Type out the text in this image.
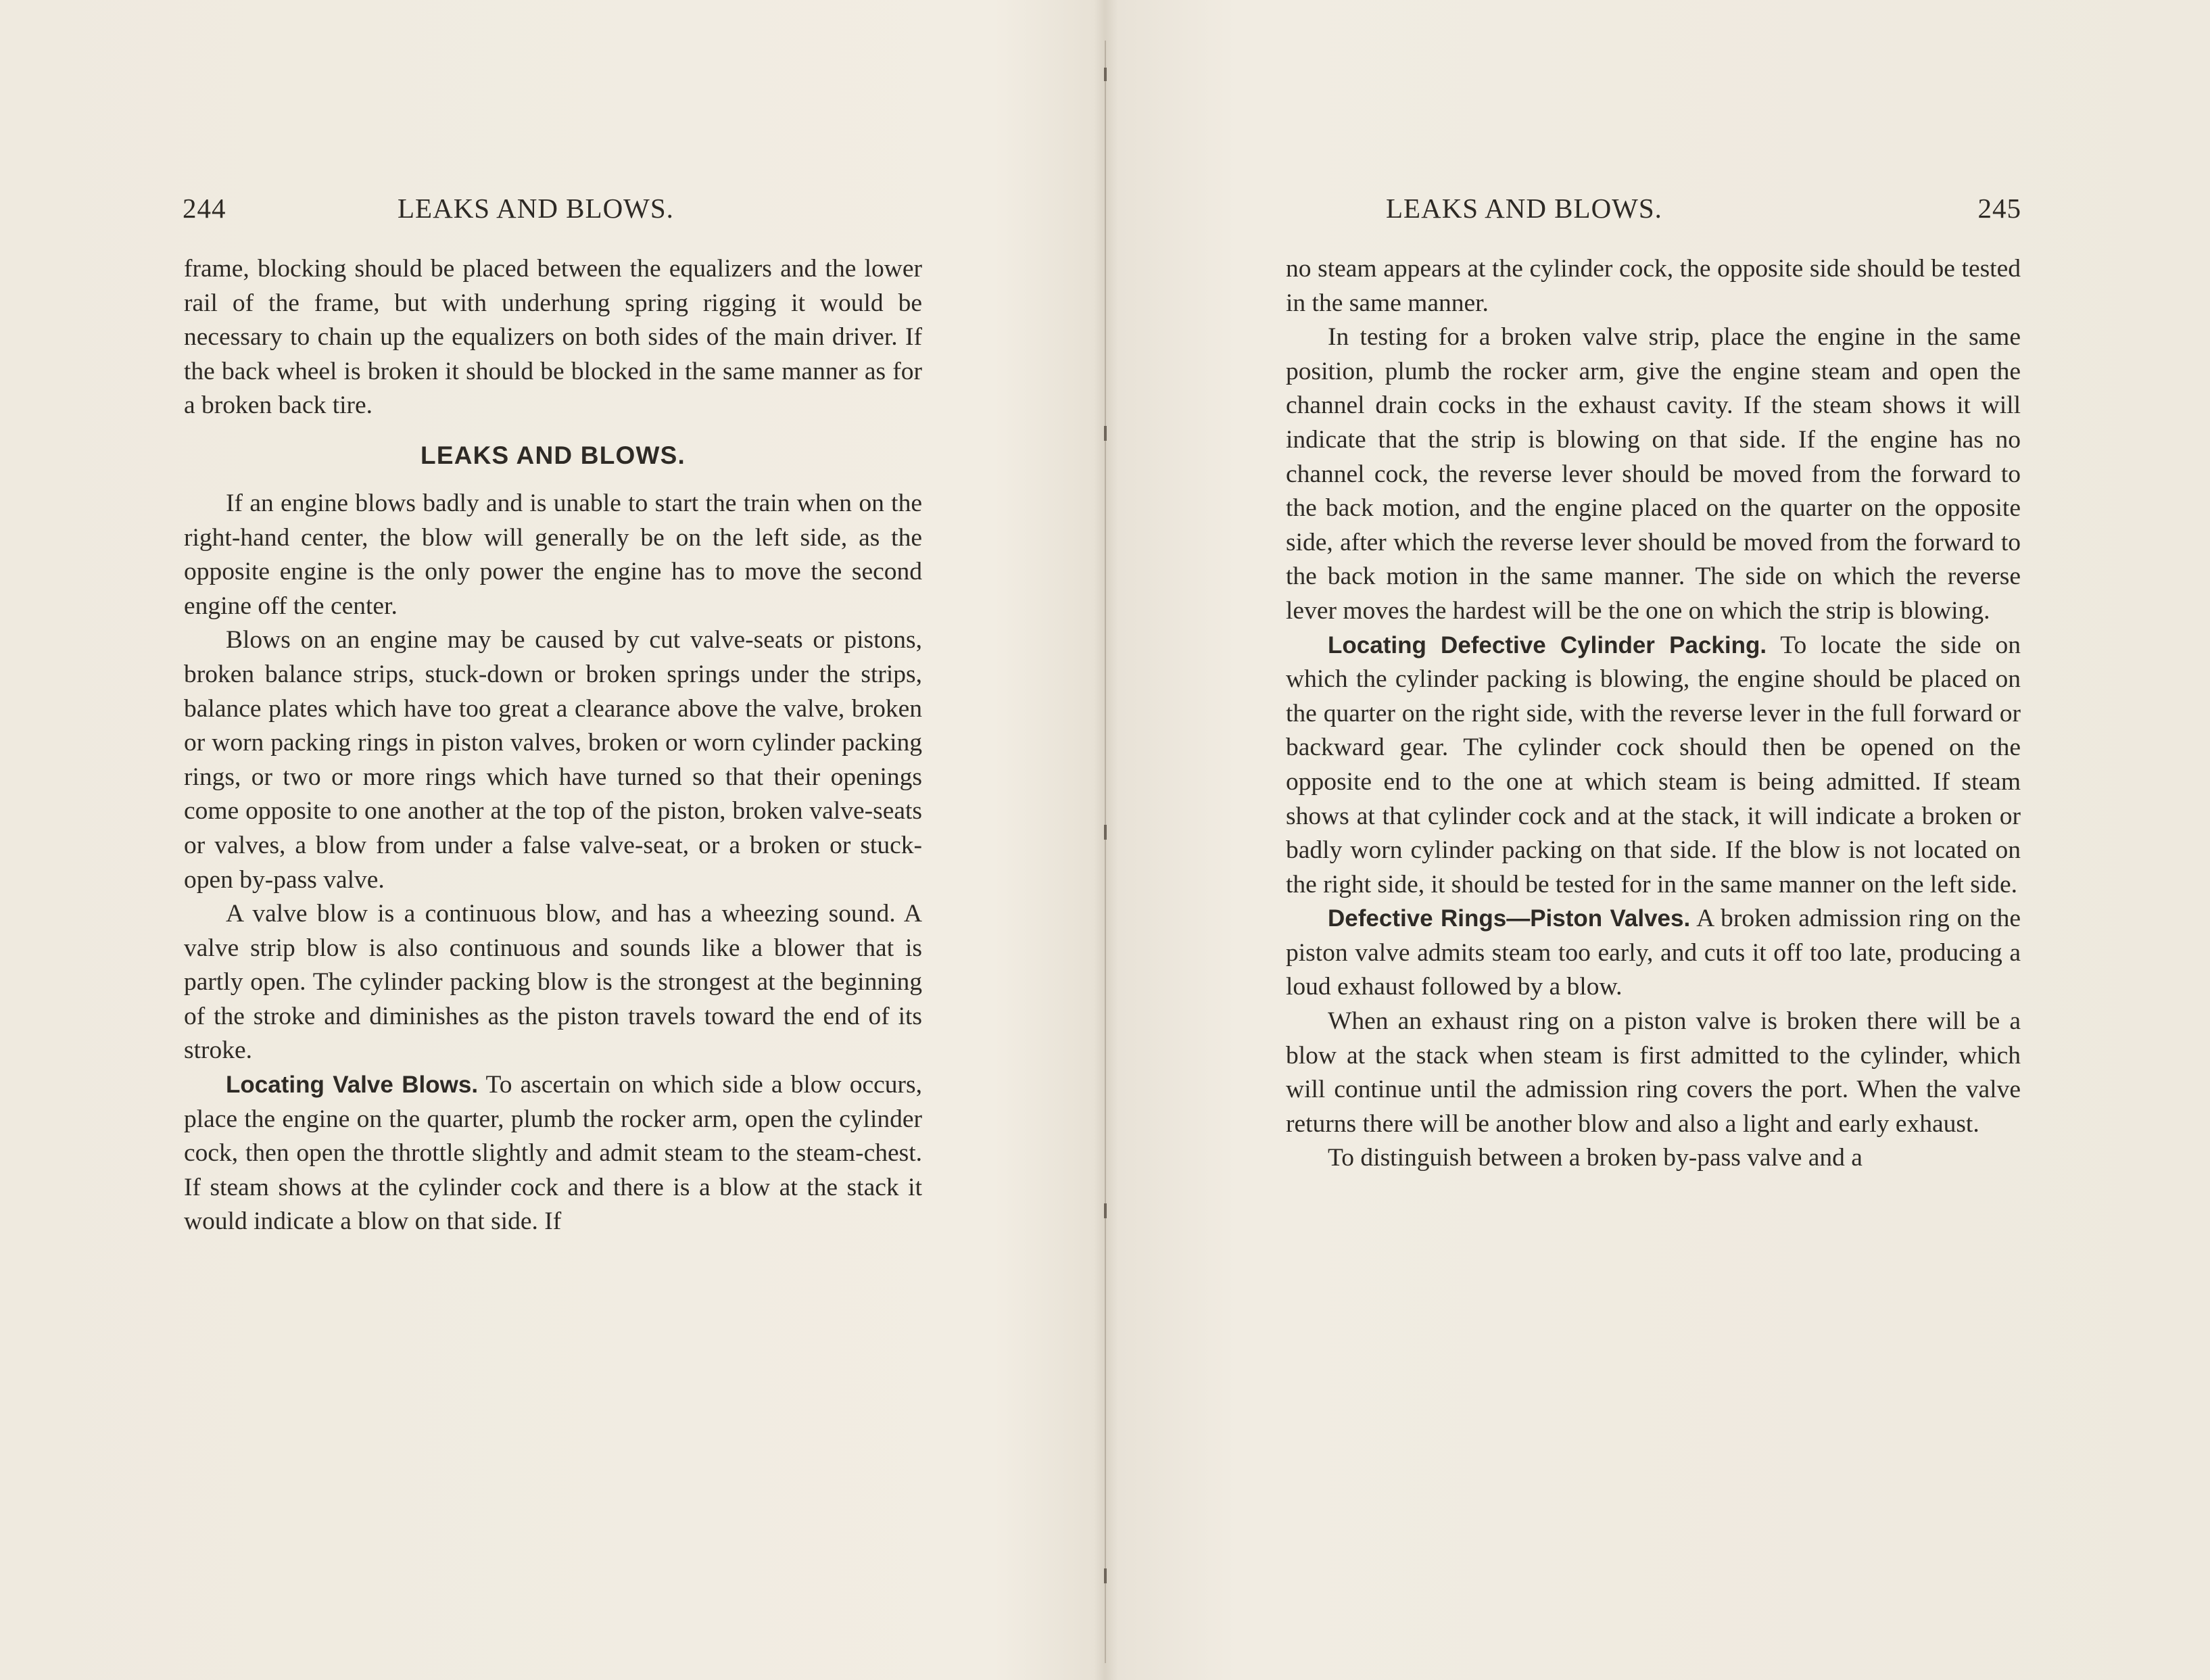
244	LEAKS AND BLOWS.

frame, blocking should be placed between the equalizers and the lower rail of the frame, but with underhung spring rigging it would be necessary to chain up the equalizers on both sides of the main driver. If the back wheel is broken it should be blocked in the same manner as for a broken back tire.

LEAKS AND BLOWS.

If an engine blows badly and is unable to start the train when on the right-hand center, the blow will generally be on the left side, as the opposite engine is the only power the engine has to move the second engine off the center.

Blows on an engine may be caused by cut valve-seats or pistons, broken balance strips, stuck-down or broken springs under the strips, balance plates which have too great a clearance above the valve, broken or worn packing rings in piston valves, broken or worn cylinder packing rings, or two or more rings which have turned so that their openings come opposite to one another at the top of the piston, broken valve-seats or valves, a blow from under a false valve-seat, or a broken or stuck-open by-pass valve.

A valve blow is a continuous blow, and has a wheezing sound. A valve strip blow is also continuous and sounds like a blower that is partly open. The cylinder packing blow is the strongest at the beginning of the stroke and diminishes as the piston travels toward the end of its stroke.

Locating Valve Blows. To ascertain on which side a blow occurs, place the engine on the quarter, plumb the rocker arm, open the cylinder cock, then open the throttle slightly and admit steam to the steam-chest. If steam shows at the cylinder cock and there is a blow at the stack it would indicate a blow on that side. If

LEAKS AND BLOWS.	245

no steam appears at the cylinder cock, the opposite side should be tested in the same manner.

In testing for a broken valve strip, place the engine in the same position, plumb the rocker arm, give the engine steam and open the channel drain cocks in the exhaust cavity. If the steam shows it will indicate that the strip is blowing on that side. If the engine has no channel cock, the reverse lever should be moved from the forward to the back motion, and the engine placed on the quarter on the opposite side, after which the reverse lever should be moved from the forward to the back motion in the same manner. The side on which the reverse lever moves the hardest will be the one on which the strip is blowing.

Locating Defective Cylinder Packing. To locate the side on which the cylinder packing is blowing, the engine should be placed on the quarter on the right side, with the reverse lever in the full forward or backward gear. The cylinder cock should then be opened on the opposite end to the one at which steam is being admitted. If steam shows at that cylinder cock and at the stack, it will indicate a broken or badly worn cylinder packing on that side. If the blow is not located on the right side, it should be tested for in the same manner on the left side.

Defective Rings—Piston Valves. A broken admission ring on the piston valve admits steam too early, and cuts it off too late, producing a loud exhaust followed by a blow.

When an exhaust ring on a piston valve is broken there will be a blow at the stack when steam is first admitted to the cylinder, which will continue until the admission ring covers the port. When the valve returns there will be another blow and also a light and early exhaust.

To distinguish between a broken by-pass valve and a
